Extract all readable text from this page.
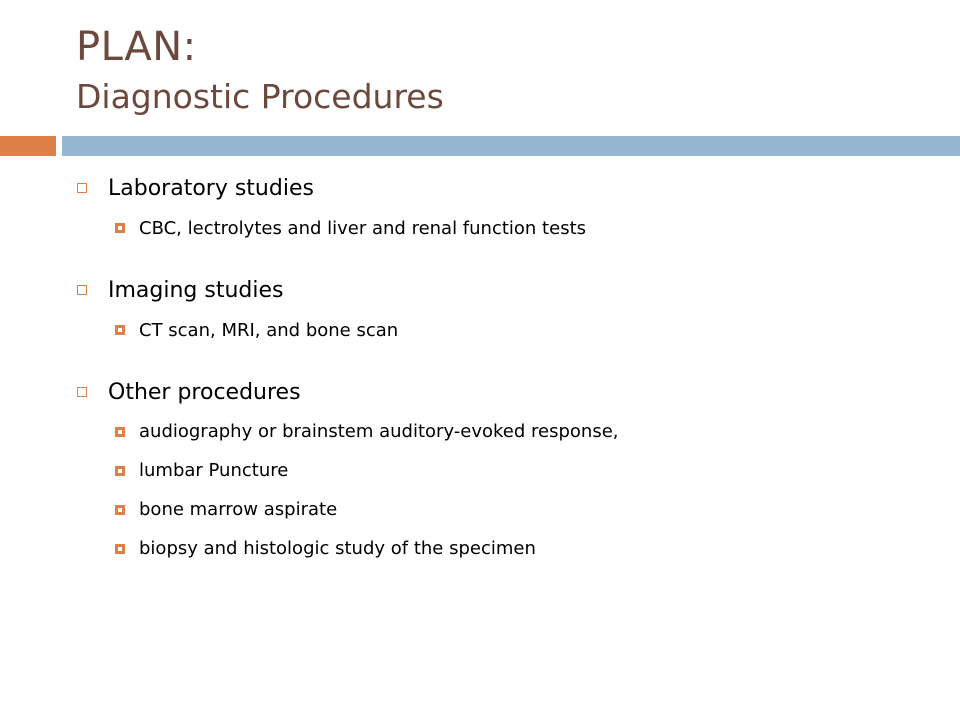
PLAN:
Diagnostic Procedures
Laboratory studies
CBC, lectrolytes and liver and renal function tests
Imaging studies
CT scan, MRI, and bone scan
Other procedures
audiography or brainstem auditory-evoked response,
lumbar Puncture
bone marrow aspirate
biopsy and histologic study of the specimen
